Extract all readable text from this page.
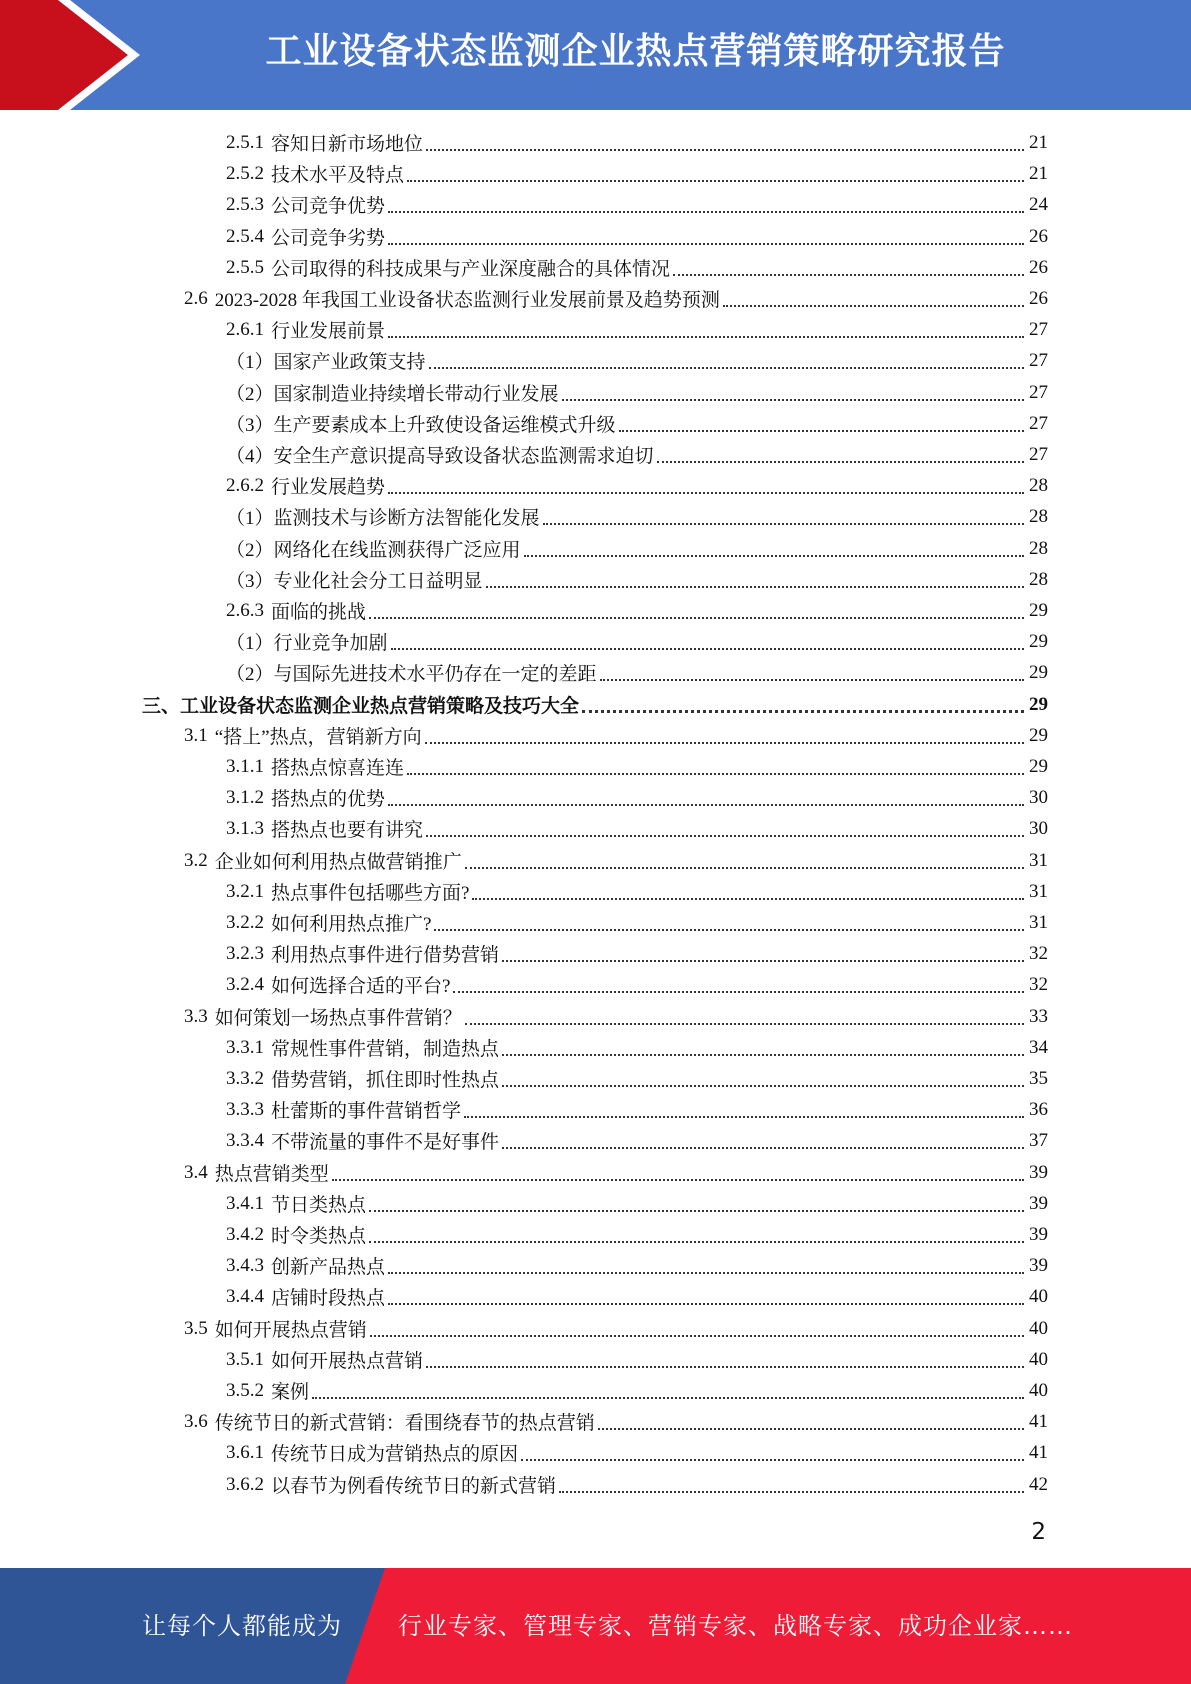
工业设备状态监测企业热点营销策略研究报告
2.5.1 容知日新市场地位	21
2.5.2 技术水平及特点	21
2.5.3 公司竞争优势	24
2.5.4 公司竞争劣势	26
2.5.5 公司取得的科技成果与产业深度融合的具体情况	26
2.6 2023-2028 年我国工业设备状态监测行业发展前景及趋势预测	26
2.6.1 行业发展前景	27
（1） 国家产业政策支持	27
（2） 国家制造业持续增长带动行业发展	27
（3） 生产要素成本上升致使设备运维模式升级	27
（4） 安全生产意识提高导致设备状态监测需求迫切	27
2.6.2 行业发展趋势	28
（1） 监测技术与诊断方法智能化发展	28
（2） 网络化在线监测获得广泛应用	28
（3） 专业化社会分工日益明显	28
2.6.3 面临的挑战	29
（1） 行业竞争加剧	29
（2） 与国际先进技术水平仍存在一定的差距	29
三、 工业设备状态监测企业热点营销策略及技巧大全	29
3.1 “搭上”热点，营销新方向	29
3.1.1 搭热点惊喜连连	29
3.1.2 搭热点的优势	30
3.1.3 搭热点也要有讲究	30
3.2 企业如何利用热点做营销推广	31
3.2.1 热点事件包括哪些方面?	31
3.2.2 如何利用热点推广?	31
3.2.3 利用热点事件进行借势营销	32
3.2.4 如何选择合适的平台?	32
3.3 如何策划一场热点事件营销？	33
3.3.1 常规性事件营销，制造热点	34
3.3.2 借势营销，抓住即时性热点	35
3.3.3 杜蕾斯的事件营销哲学	36
3.3.4 不带流量的事件不是好事件	37
3.4 热点营销类型	39
3.4.1 节日类热点	39
3.4.2 时令类热点	39
3.4.3 创新产品热点	39
3.4.4 店铺时段热点	40
3.5 如何开展热点营销	40
3.5.1 如何开展热点营销	40
3.5.2 案例	40
3.6 传统节日的新式营销：看围绕春节的热点营销	41
3.6.1 传统节日成为营销热点的原因	41
3.6.2 以春节为例看传统节日的新式营销	42
2
让每个人都能成为 行业专家、管理专家、营销专家、战略专家、成功企业家……
